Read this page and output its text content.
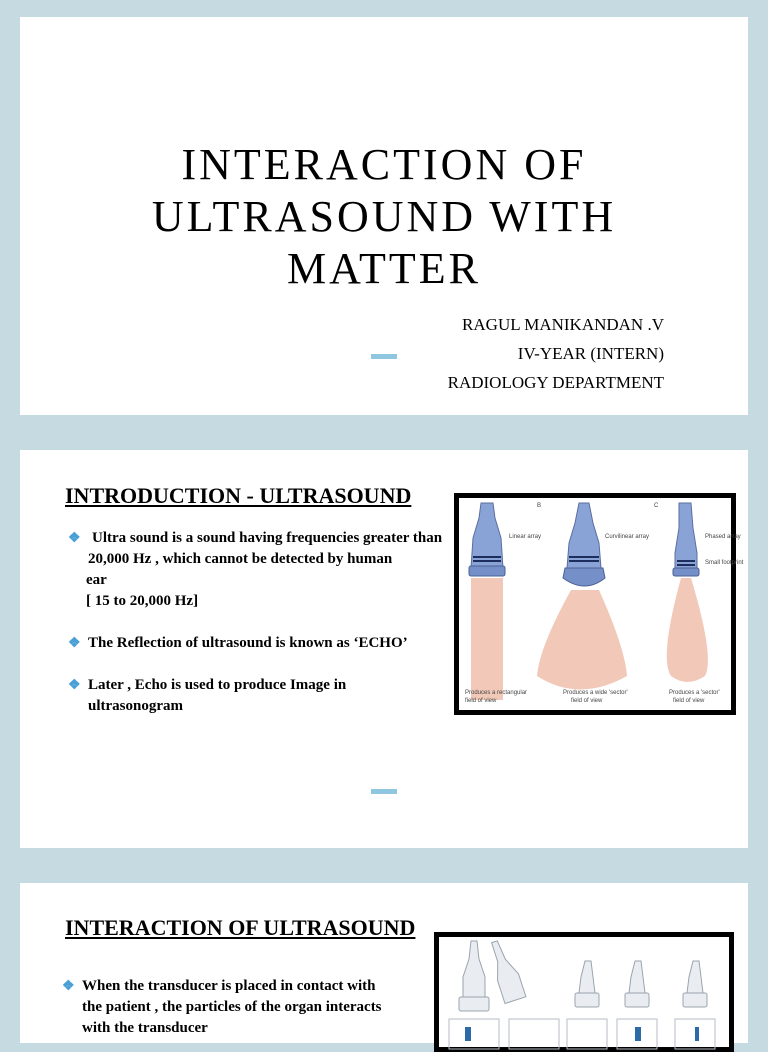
INTERACTION OF
ULTRASOUND WITH
MATTER
RAGUL MANIKANDAN .V
IV-YEAR (INTERN)
RADIOLOGY DEPARTMENT
INTRODUCTION - ULTRASOUND
❖ Ultra sound is a sound having frequencies greater than
20,000 Hz , which cannot be detected by human
ear
[ 15 to 20,000 Hz]
❖ The Reflection of ultrasound is known as ‘ECHO’
❖ Later , Echo is used to produce Image in
ultrasonogram
B	C
Linear array	Curvilinear array	Phased array
Small footprint
Produces a rectangular
field of view
Produces a wide 'sector'
field of view
Produces a 'sector'
field of view
INTERACTION OF ULTRASOUND
❖ When the transducer is placed in contact with
the patient , the particles of the organ interacts
with the transducer
